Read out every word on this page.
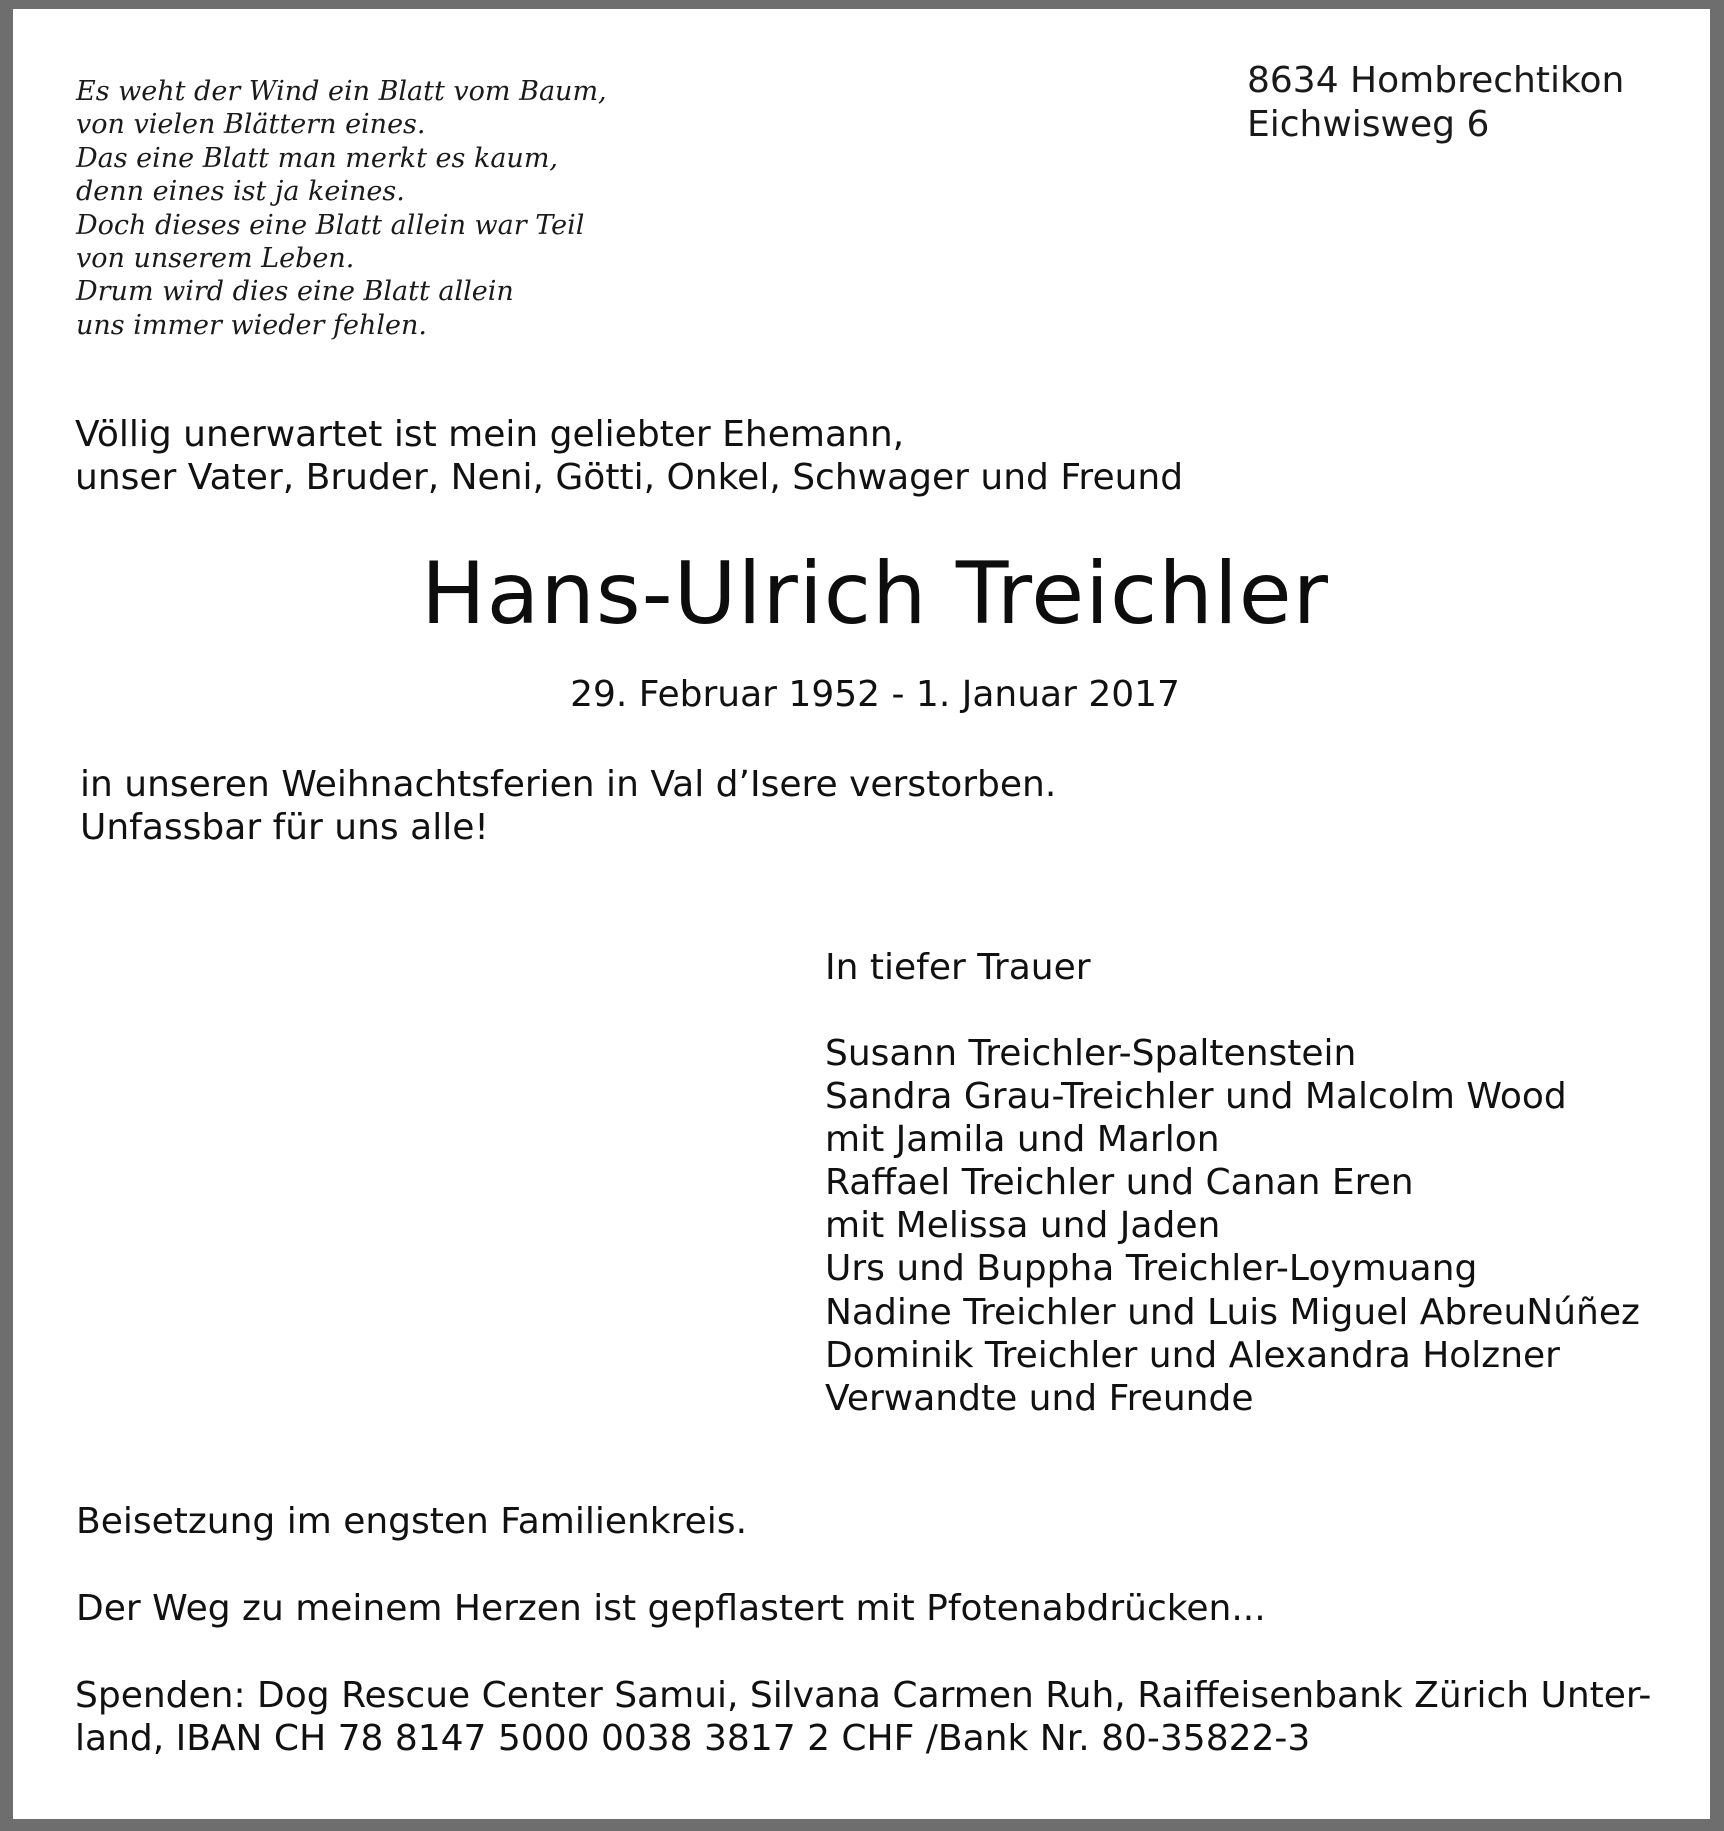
Es weht der Wind ein Blatt vom Baum,
von vielen Blättern eines.
Das eine Blatt man merkt es kaum,
denn eines ist ja keines.
Doch dieses eine Blatt allein war Teil
von unserem Leben.
Drum wird dies eine Blatt allein
uns immer wieder fehlen.
8634 Hombrechtikon
Eichwisweg 6
Völlig unerwartet ist mein geliebter Ehemann,
unser Vater, Bruder, Neni, Götti, Onkel, Schwager und Freund
Hans-Ulrich Treichler
29. Februar 1952 - 1. Januar 2017
in unseren Weihnachtsferien in Val d’Isere verstorben.
Unfassbar für uns alle!
In tiefer Trauer
Susann Treichler-Spaltenstein
Sandra Grau-Treichler und Malcolm Wood
mit Jamila und Marlon
Raffael Treichler und Canan Eren
mit Melissa und Jaden
Urs und Buppha Treichler-Loymuang
Nadine Treichler und Luis Miguel AbreuNúñez
Dominik Treichler und Alexandra Holzner
Verwandte und Freunde
Beisetzung im engsten Familienkreis.
Der Weg zu meinem Herzen ist gepflastert mit Pfotenabdrücken...
Spenden: Dog Rescue Center Samui, Silvana Carmen Ruh, Raiffeisenbank Zürich Unter-
land, IBAN CH 78 8147 5000 0038 3817 2 CHF /Bank Nr. 80-35822-3
